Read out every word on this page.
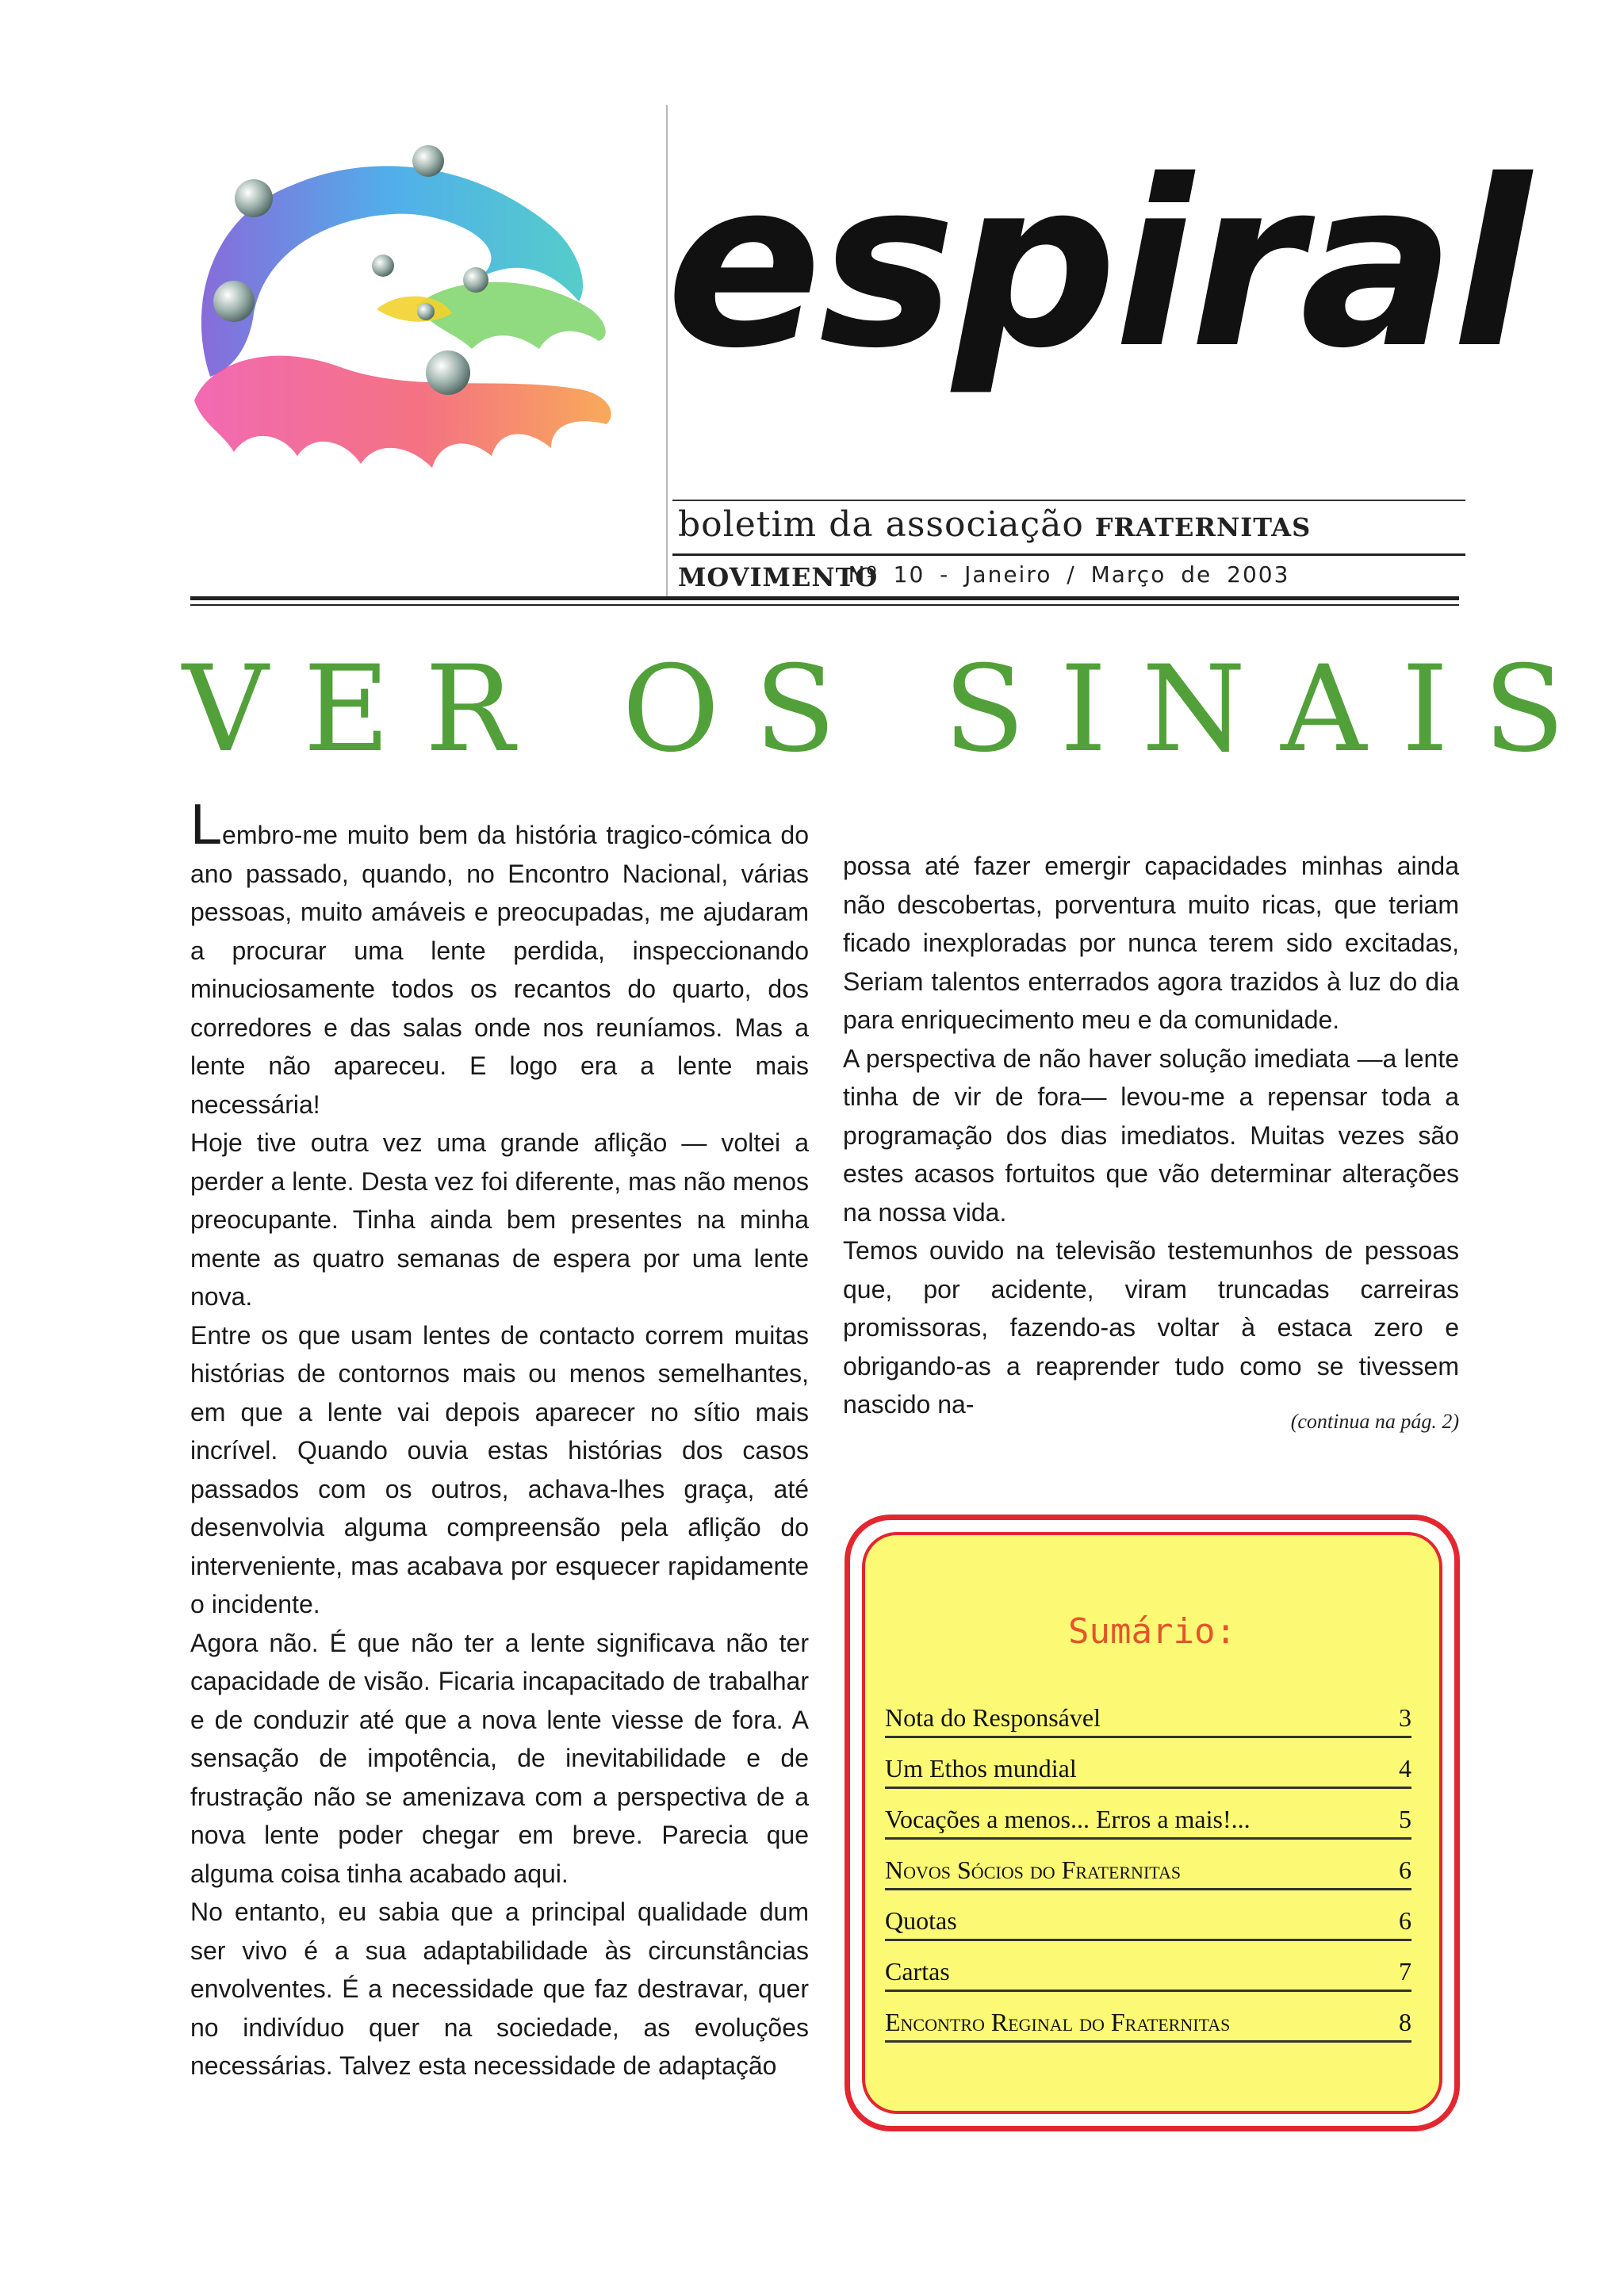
espiral
boletim da associação FRATERNITAS MOVIMENTO
Nº 10 - Janeiro / Março de 2003
VER OS SINAIS

Lembro-me muito bem da história tragico-cómica do ano passado, quando, no Encontro Nacional, várias pessoas, muito amáveis e preocupadas, me ajudaram a procurar uma lente perdida, inspeccionando minuciosamente todos os recantos do quarto, dos corredores e das salas onde nos reuníamos. Mas a lente não apareceu. E logo era a lente mais necessária!

Hoje tive outra vez uma grande aflição — voltei a perder a lente. Desta vez foi diferente, mas não menos preocupante. Tinha ainda bem presentes na minha mente as quatro semanas de espera por uma lente nova.

Entre os que usam lentes de contacto correm muitas histórias de contornos mais ou menos semelhantes, em que a lente vai depois aparecer no sítio mais incrível. Quando ouvia estas histórias dos casos passados com os outros, achava-lhes graça, até desenvolvia alguma compreensão pela aflição do interveniente, mas acabava por esquecer rapidamente o incidente.

Agora não. É que não ter a lente significava não ter capacidade de visão. Ficaria incapacitado de trabalhar e de conduzir até que a nova lente viesse de fora. A sensação de impotência, de inevitabilidade e de frustração não se amenizava com a perspectiva de a nova lente poder chegar em breve. Parecia que alguma coisa tinha acabado aqui.

No entanto, eu sabia que a principal qualidade dum ser vivo é a sua adaptabilidade às circunstâncias envolventes. É a necessidade que faz destravar, quer no indivíduo quer na sociedade, as evoluções necessárias. Talvez esta necessidade de adaptação

possa até fazer emergir capacidades minhas ainda não descobertas, porventura muito ricas, que teriam ficado inexploradas por nunca terem sido excitadas, Seriam talentos enterrados agora trazidos à luz do dia para enriquecimento meu e da comunidade.

A perspectiva de não haver solução imediata —a lente tinha de vir de fora— levou-me a repensar toda a programação dos dias imediatos. Muitas vezes são estes acasos fortuitos que vão determinar alterações na nossa vida.

Temos ouvido na televisão testemunhos de pessoas que, por acidente, viram truncadas carreiras promissoras, fazendo-as voltar à estaca zero e obrigando-as a reaprender tudo como se tivessem nascido na-

(continua na pág. 2)
Sumário:
Nota do Responsável	3
Um Ethos mundial	4
Vocações a menos... Erros a mais!...	5
Novos Sócios do Fraternitas	6
Quotas	6
Cartas	7
Encontro Reginal do Fraternitas	8
